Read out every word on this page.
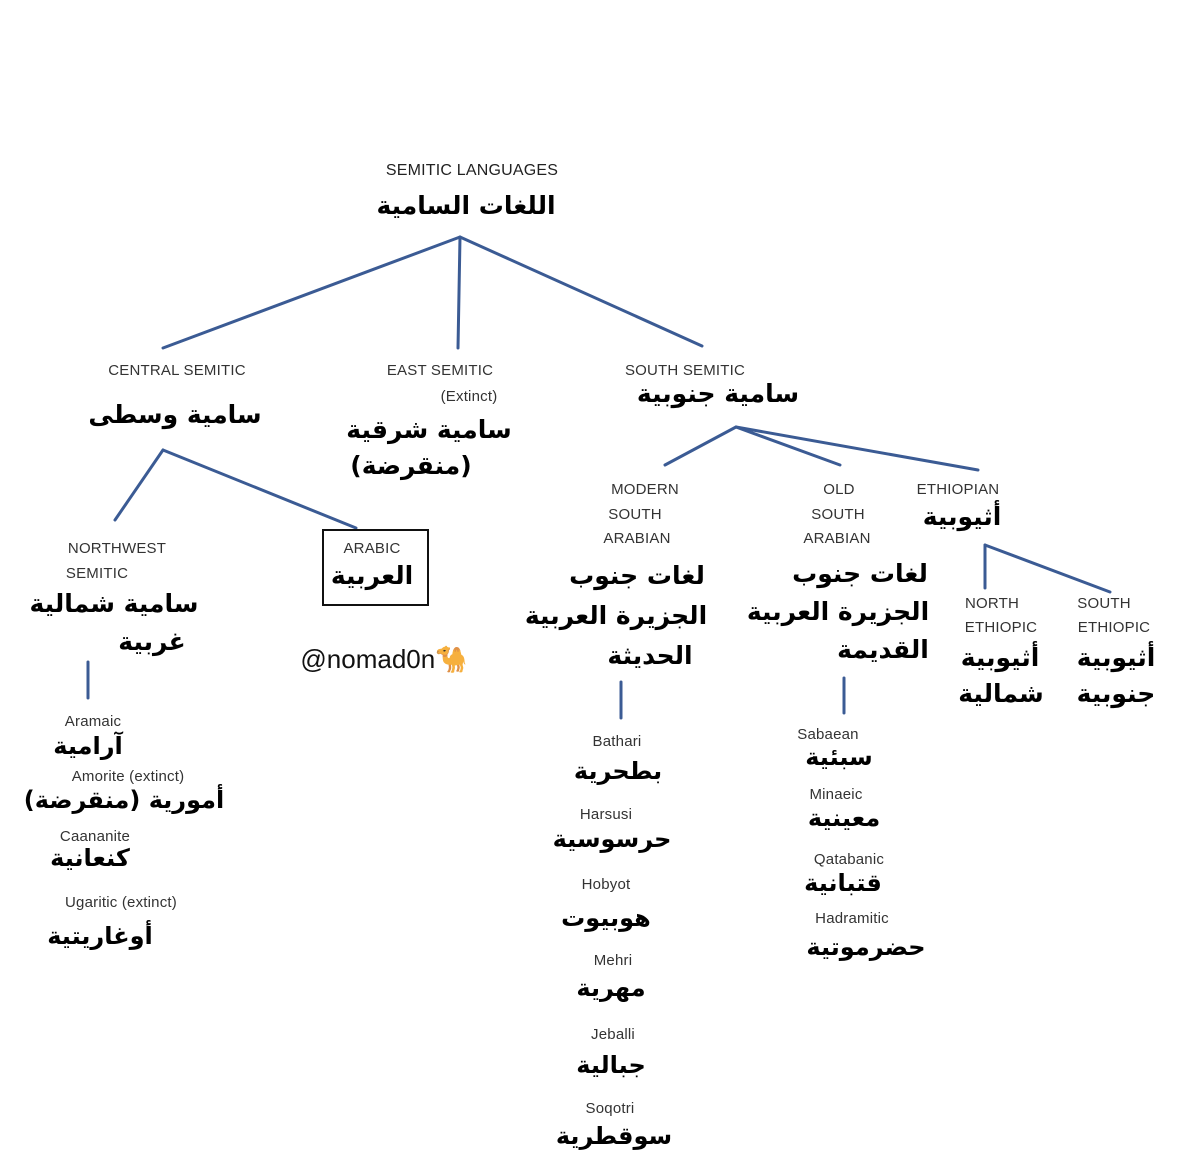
SEMITIC LANGUAGES
اللغات السامية
CENTRAL SEMITIC
سامية وسطى
EAST SEMITIC
(Extinct)
سامية شرقية
(منقرضة)
SOUTH SEMITIC
سامية جنوبية
NORTHWEST
SEMITIC
سامية شمالية
غربية
ARABIC
العربية
@nomad0n🐪
MODERN
SOUTH
ARABIAN
لغات جنوب
الجزيرة العربية
الحديثة
OLD
SOUTH
ARABIAN
لغات جنوب
الجزيرة العربية
القديمة
ETHIOPIAN
أثيوبية
NORTH
ETHIOPIC
أثيوبية
شمالية
SOUTH
ETHIOPIC
أثيوبية
جنوبية
Aramaic
آرامية
Amorite (extinct)
أمورية (منقرضة)
Caananite
كنعانية
Ugaritic (extinct)
أوغاريتية
Bathari
بطحرية
Harsusi
حرسوسية
Hobyot
هوبيوت
Mehri
مهرية
Jeballi
جبالية
Soqotri
سوقطرية
Sabaean
سبئية
Minaeic
معينية
Qatabanic
قتبانية
Hadramitic
حضرموتية
